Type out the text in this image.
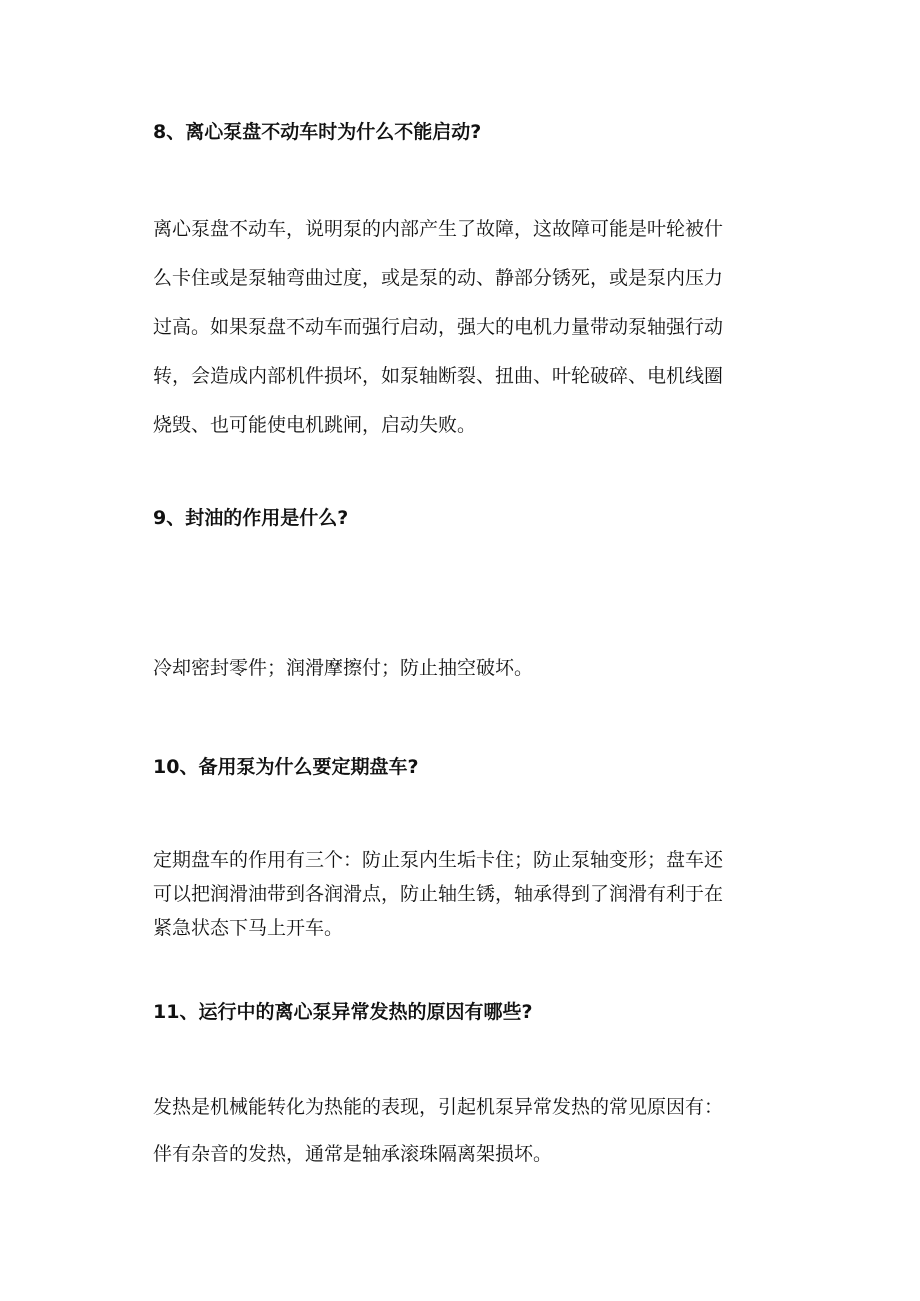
8、离心泵盘不动车时为什么不能启动?

离心泵盘不动车，说明泵的内部产生了故障，这故障可能是叶轮被什
么卡住或是泵轴弯曲过度，或是泵的动、静部分锈死，或是泵内压力
过高。如果泵盘不动车而强行启动，强大的电机力量带动泵轴强行动
转，会造成内部机件损坏，如泵轴断裂、扭曲、叶轮破碎、电机线圈
烧毁、也可能使电机跳闸，启动失败。

9、封油的作用是什么?

冷却密封零件；润滑摩擦付；防止抽空破坏。

10、备用泵为什么要定期盘车?

定期盘车的作用有三个：防止泵内生垢卡住；防止泵轴变形；盘车还
可以把润滑油带到各润滑点，防止轴生锈，轴承得到了润滑有利于在
紧急状态下马上开车。

11、运行中的离心泵异常发热的原因有哪些?

发热是机械能转化为热能的表现，引起机泵异常发热的常见原因有：

伴有杂音的发热，通常是轴承滚珠隔离架损坏。
